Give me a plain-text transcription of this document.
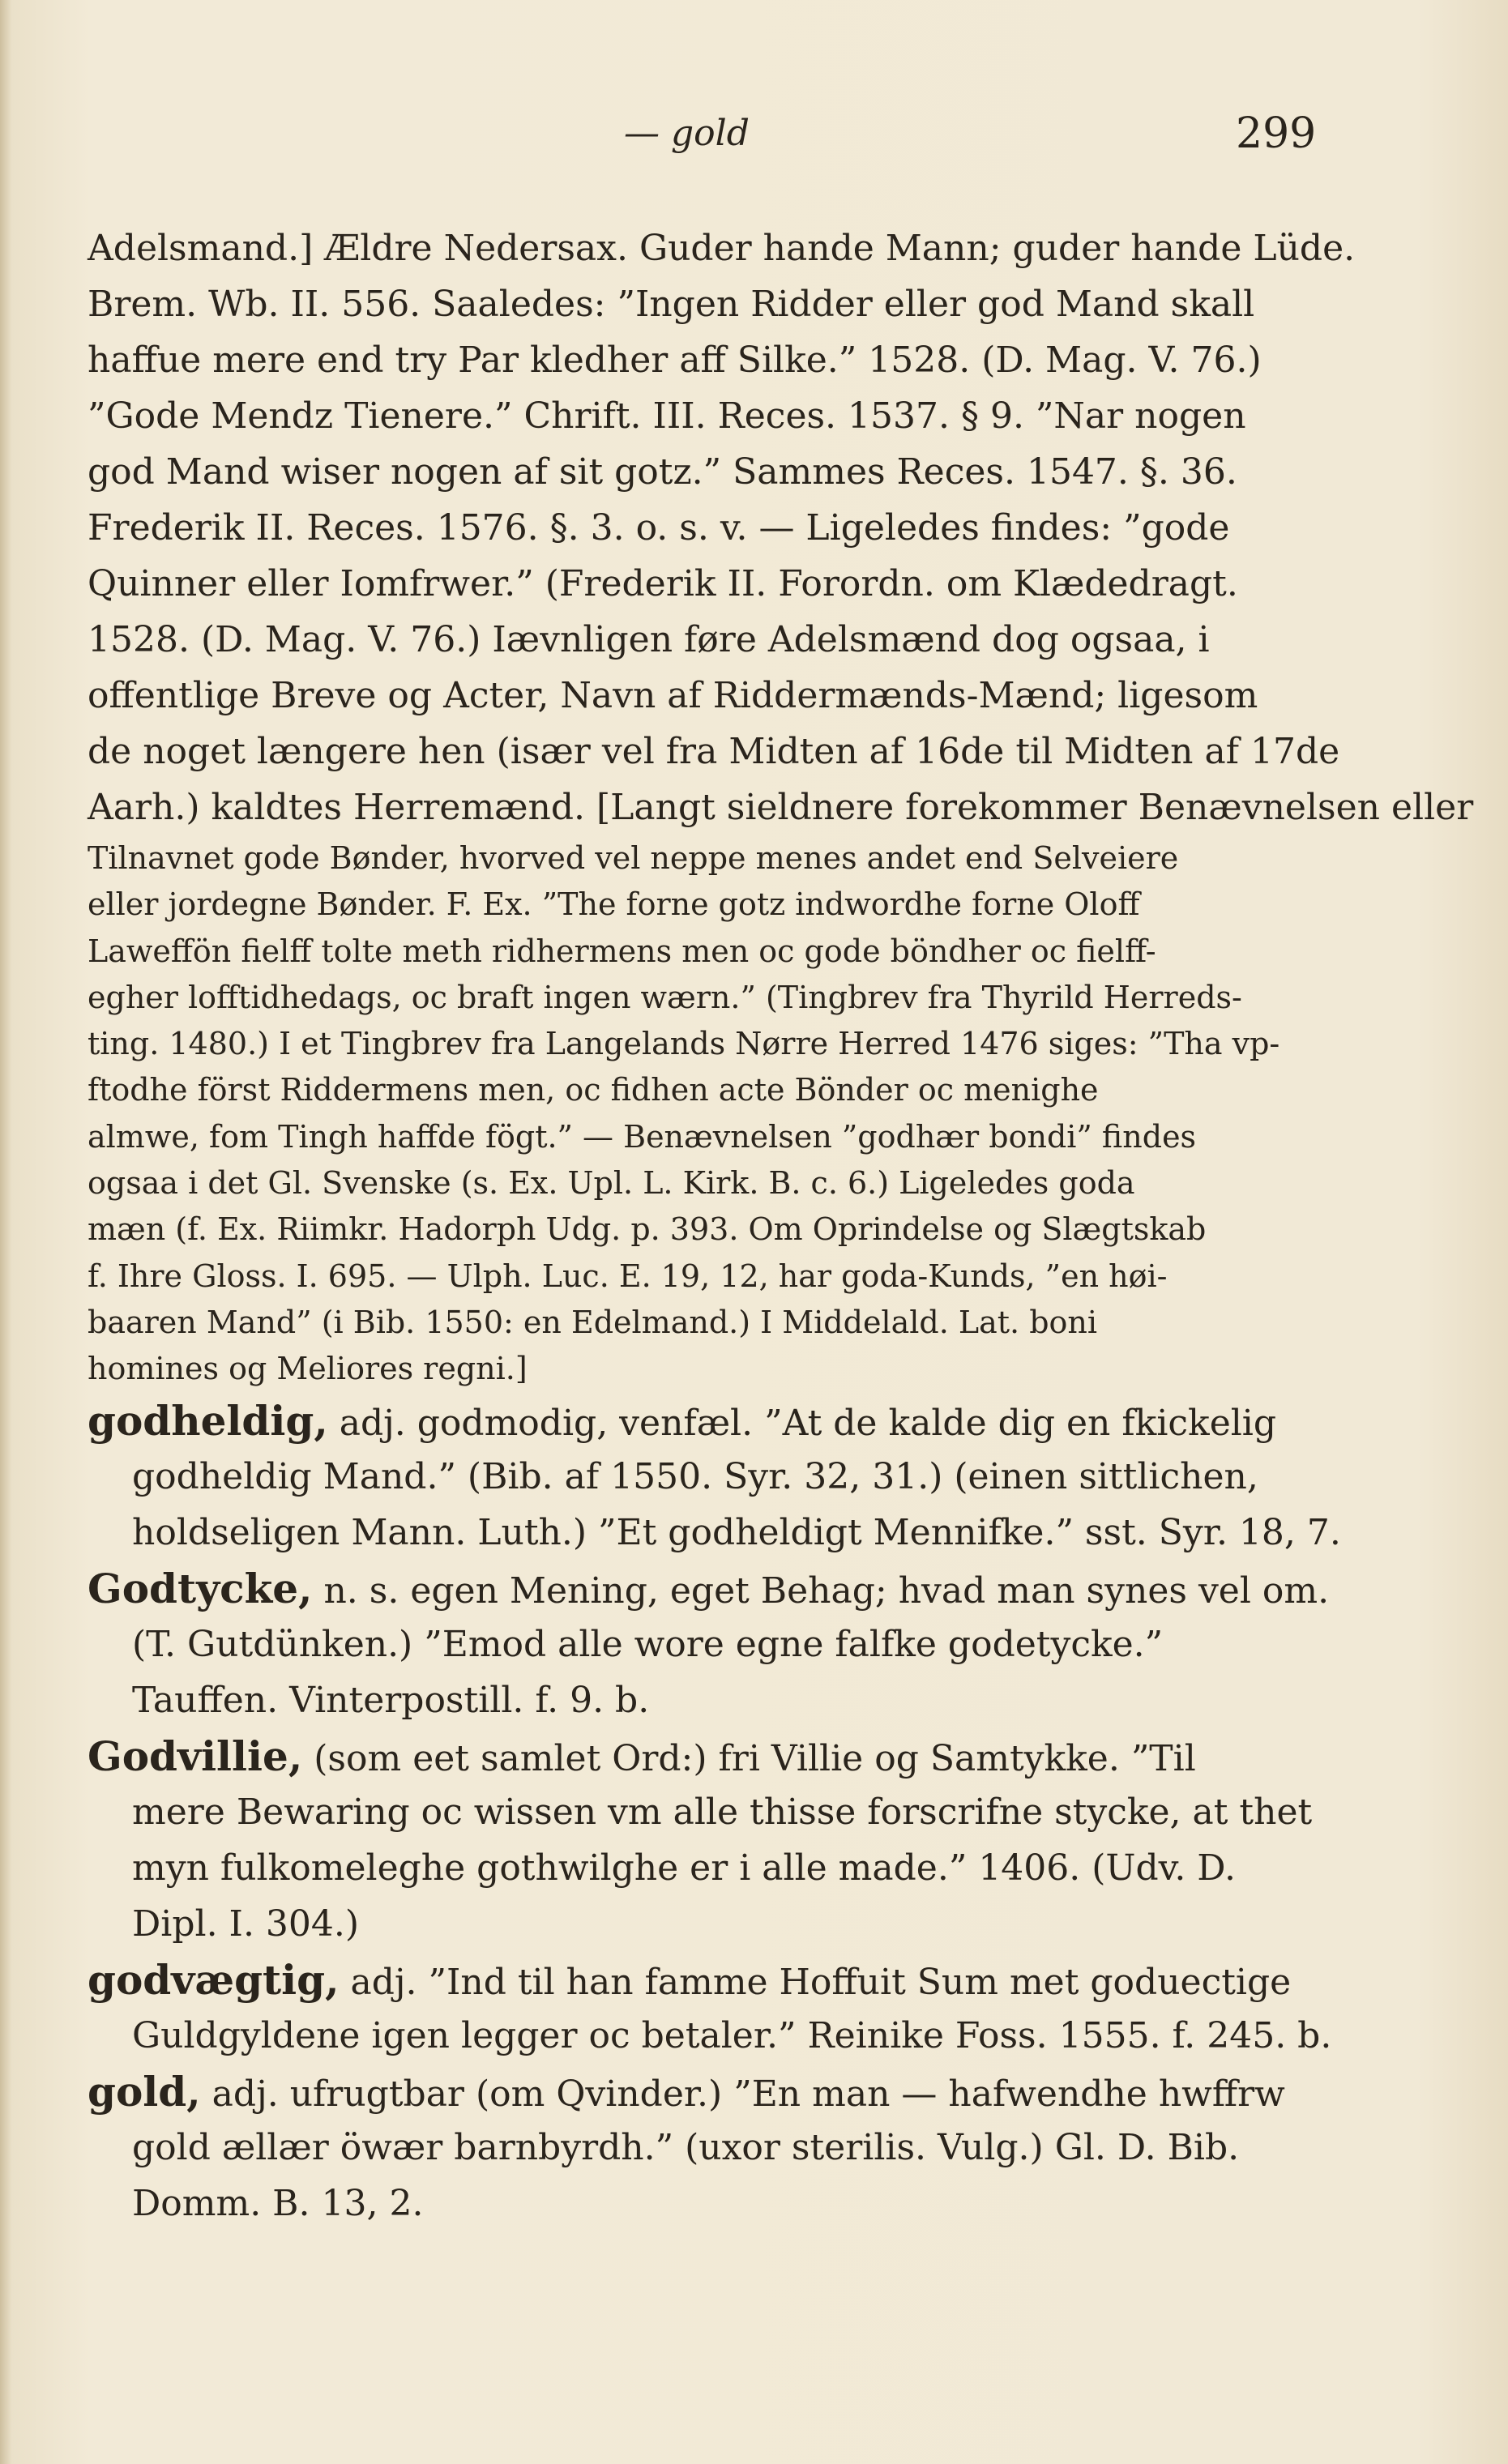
— gold	299
Adelsmand.] Ældre Nedersax. Guder hande Mann; guder hande Lüde.
Brem. Wb. II. 556. Saaledes: ”Ingen Ridder eller god Mand skall
haffue mere end try Par kledher aff Silke.” 1528. (D. Mag. V. 76.)
”Gode Mendz Tienere.” Chrift. III. Reces. 1537. § 9. ”Nar nogen
god Mand wiser nogen af sit gotz.” Sammes Reces. 1547. §. 36.
Frederik II. Reces. 1576. §. 3. o. s. v. — Ligeledes findes: ”gode
Quinner eller Iomfrwer.” (Frederik II. Forordn. om Klædedragt.
1528. (D. Mag. V. 76.) Iævnligen føre Adelsmænd dog ogsaa, i
offentlige Breve og Acter, Navn af Riddermænds-Mænd; ligesom
de noget længere hen (især vel fra Midten af 16de til Midten af 17de
Aarh.) kaldtes Herremænd. [Langt sieldnere forekommer Benævnelsen eller
Tilnavnet gode Bønder, hvorved vel neppe menes andet end Selveiere
eller jordegne Bønder. F. Ex. ”The forne gotz indwordhe forne Oloff
Laweffön fielff tolte meth ridhermens men oc gode böndher oc fielff-
egher lofftidhedags, oc braft ingen wærn.” (Tingbrev fra Thyrild Herreds-
ting. 1480.) I et Tingbrev fra Langelands Nørre Herred 1476 siges: ”Tha vp-
ftodhe först Riddermens men, oc fidhen acte Bönder oc menighe
almwe, fom Tingh haffde fögt.” — Benævnelsen ”godhær bondi” findes
ogsaa i det Gl. Svenske (s. Ex. Upl. L. Kirk. B. c. 6.) Ligeledes goda
mæn (f. Ex. Riimkr. Hadorph Udg. p. 393. Om Oprindelse og Slægtskab
f. Ihre Gloss. I. 695. — Ulph. Luc. E. 19, 12, har goda-Kunds, ”en høi-
baaren Mand” (i Bib. 1550: en Edelmand.) I Middelald. Lat. boni
homines og Meliores regni.]
godheldig, adj. godmodig, venfæl. ”At de kalde dig en fkickelig
godheldig Mand.” (Bib. af 1550. Syr. 32, 31.) (einen sittlichen,
holdseligen Mann. Luth.) ”Et godheldigt Mennifke.” sst. Syr. 18, 7.
Godtycke, n. s. egen Mening, eget Behag; hvad man synes vel om.
(T. Gutdünken.) ”Emod alle wore egne falfke godetycke.”
Tauffen. Vinterpostill. f. 9. b.
Godvillie, (som eet samlet Ord:) fri Villie og Samtykke. ”Til
mere Bewaring oc wissen vm alle thisse forscrifne stycke, at thet
myn fulkomeleghe gothwilghe er i alle made.” 1406. (Udv. D.
Dipl. I. 304.)
godvægtig, adj. ”Ind til han famme Hoffuit Sum met goduectige
Guldgyldene igen legger oc betaler.” Reinike Foss. 1555. f. 245. b.
gold, adj. ufrugtbar (om Qvinder.) ”En man — hafwendhe hwffrw
gold ællær öwær barnbyrdh.” (uxor sterilis. Vulg.) Gl. D. Bib.
Domm. B. 13, 2.
